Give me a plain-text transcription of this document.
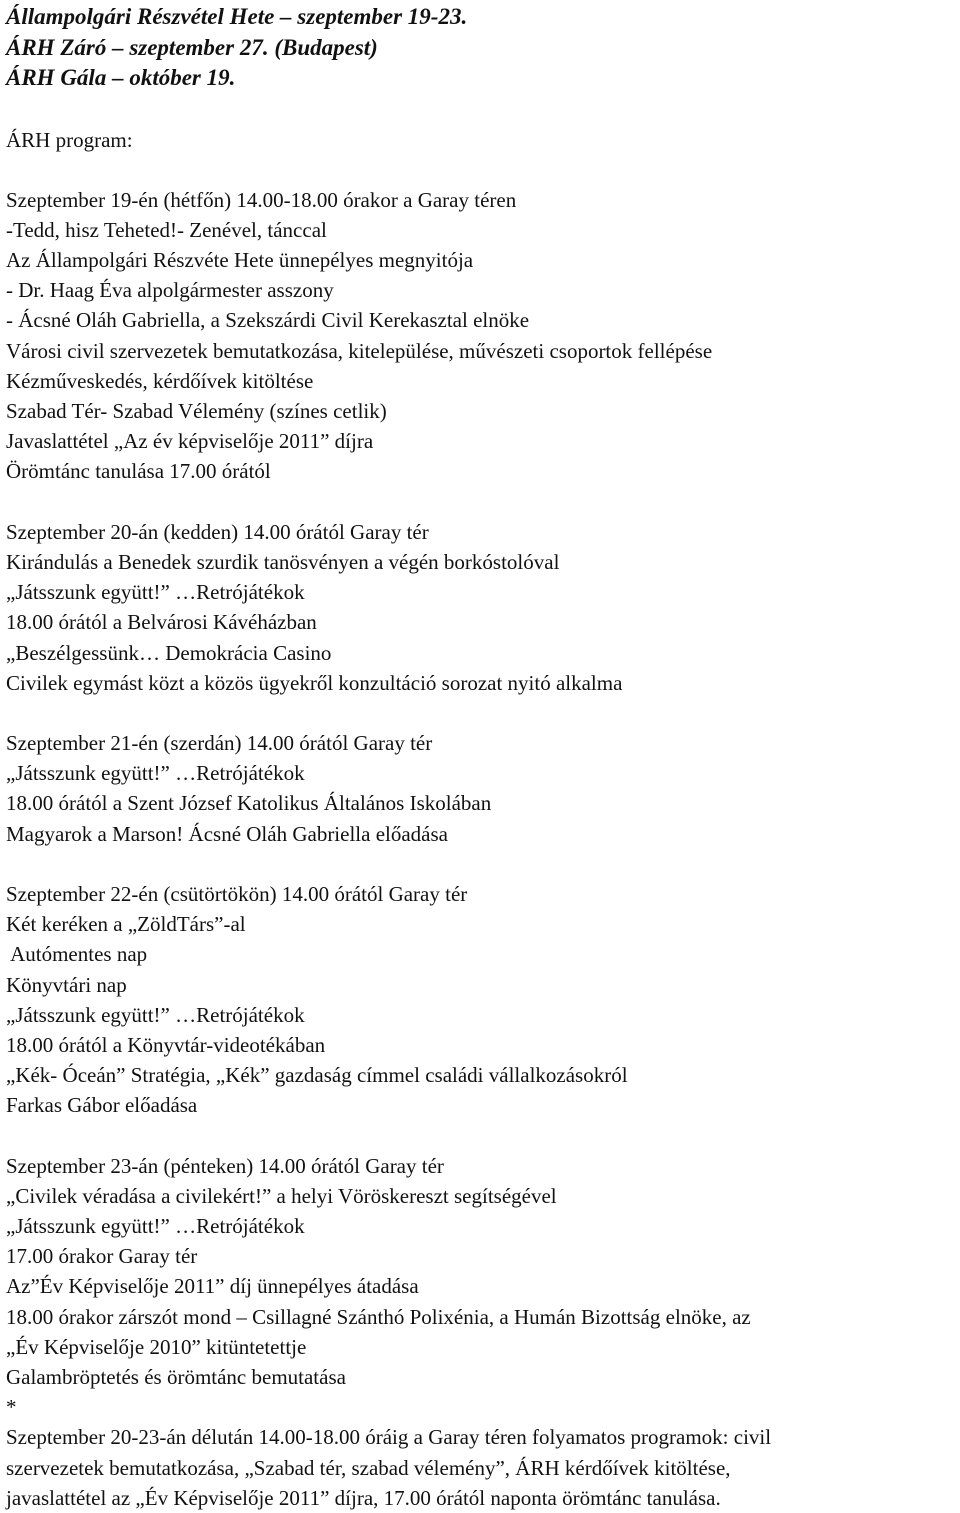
Állampolgári Részvétel Hete – szeptember 19-23.
ÁRH Záró – szeptember 27. (Budapest)
ÁRH Gála – október 19.
ÁRH program:
Szeptember 19-én (hétfőn) 14.00-18.00 órakor a Garay téren
-Tedd, hisz Teheted!- Zenével, tánccal
Az Állampolgári Részvéte Hete ünnepélyes megnyitója
- Dr. Haag Éva alpolgármester asszony
- Ácsné Oláh Gabriella, a Szekszárdi Civil Kerekasztal elnöke
Városi civil szervezetek bemutatkozása, kitelepülése, művészeti csoportok fellépése
Kézműveskedés, kérdőívek kitöltése
Szabad Tér- Szabad Vélemény (színes cetlik)
Javaslattétel „Az év képviselője 2011” díjra
Örömtánc tanulása 17.00 órától
Szeptember 20-án (kedden) 14.00 órától Garay tér
Kirándulás a Benedek szurdik tanösvényen a végén borkóstolóval
„Játsszunk együtt!” …Retrójátékok
18.00 órától a Belvárosi Kávéházban
„Beszélgessünk… Demokrácia Casino
Civilek egymást közt a közös ügyekről konzultáció sorozat nyitó alkalma
Szeptember 21-én (szerdán) 14.00 órától Garay tér
„Játsszunk együtt!” …Retrójátékok
18.00 órától a Szent József Katolikus Általános Iskolában
Magyarok a Marson! Ácsné Oláh Gabriella előadása
Szeptember 22-én (csütörtökön) 14.00 órától Garay tér
Két keréken a „ZöldTárs”-al
Autómentes nap
Könyvtári nap
„Játsszunk együtt!” …Retrójátékok
18.00 órától a Könyvtár-videotékában
„Kék- Óceán” Stratégia, „Kék” gazdaság címmel családi vállalkozásokról
Farkas Gábor előadása
Szeptember 23-án (pénteken) 14.00 órától Garay tér
„Civilek véradása a civilekért!” a helyi Vöröskereszt segítségével
„Játsszunk együtt!” …Retrójátékok
17.00 órakor Garay tér
Az”Év Képviselője 2011” díj ünnepélyes átadása
18.00 órakor zárszót mond – Csillagné Szánthó Polixénia, a Humán Bizottság elnöke, az
„Év Képviselője 2010” kitüntetettje
Galambröptetés és örömtánc bemutatása
*
Szeptember 20-23-án délután 14.00-18.00 óráig a Garay téren folyamatos programok: civil
szervezetek bemutatkozása, „Szabad tér, szabad vélemény”, ÁRH kérdőívek kitöltése,
javaslattétel az „Év Képviselője 2011” díjra, 17.00 órától naponta örömtánc tanulása.
